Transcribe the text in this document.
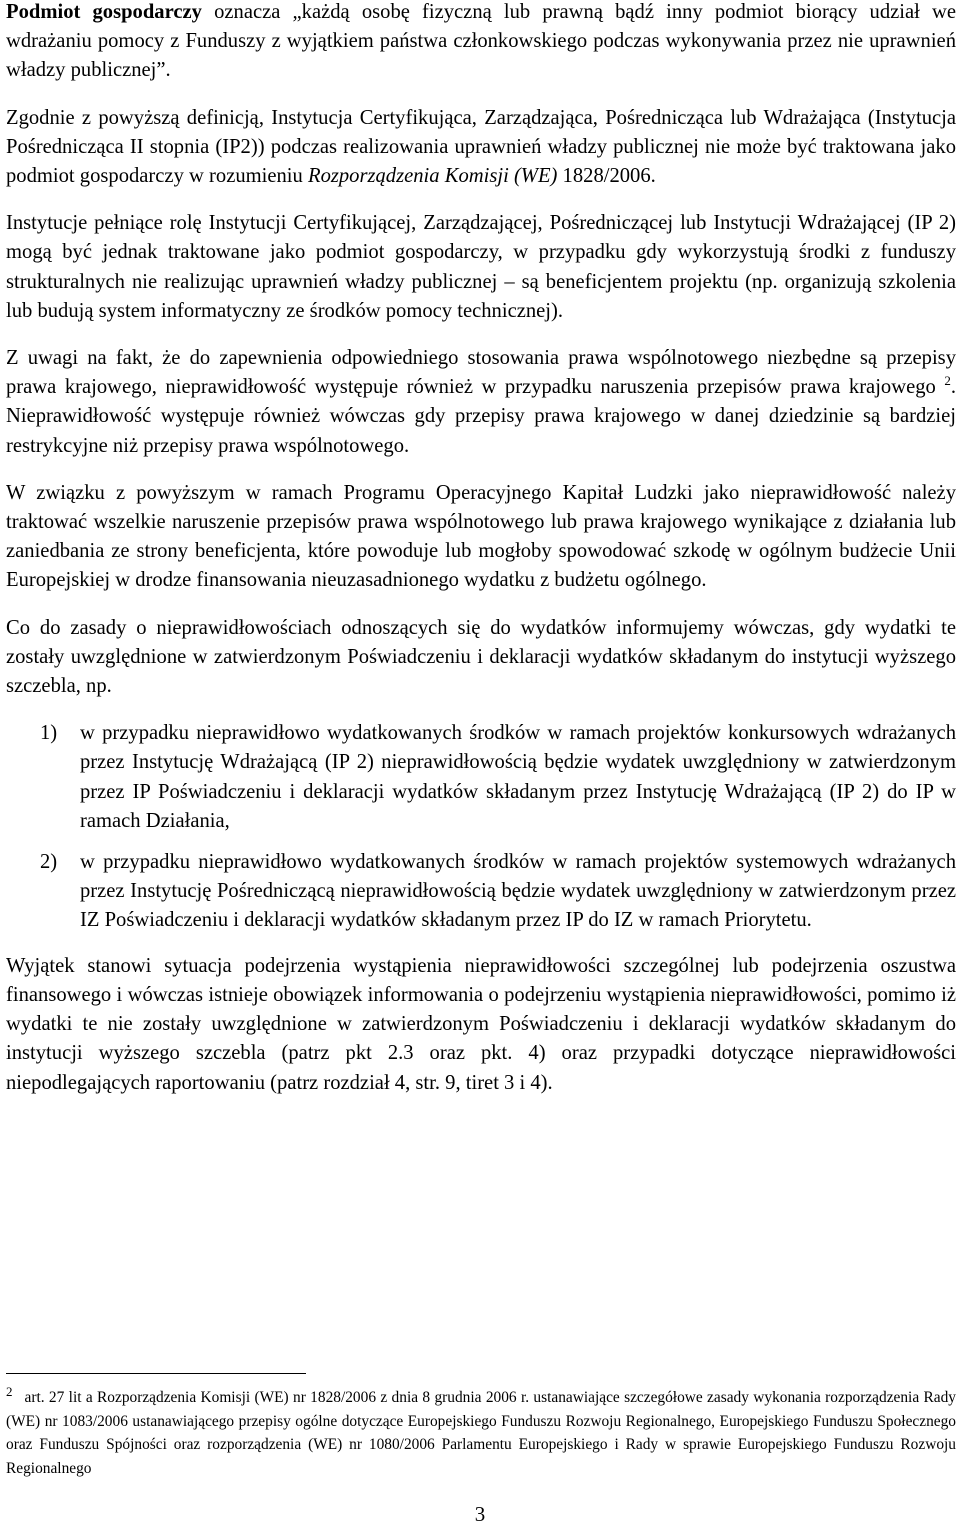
Podmiot gospodarczy oznacza „każdą osobę fizyczną lub prawną bądź inny podmiot biorący udział we wdrażaniu pomocy z Funduszy z wyjątkiem państwa członkowskiego podczas wykonywania przez nie uprawnień władzy publicznej”.

Zgodnie z powyższą definicją, Instytucja Certyfikująca, Zarządzająca, Pośrednicząca lub Wdrażająca (Instytucja Pośrednicząca II stopnia (IP2)) podczas realizowania uprawnień władzy publicznej nie może być traktowana jako podmiot gospodarczy w rozumieniu Rozporządzenia Komisji (WE) 1828/2006.

Instytucje pełniące rolę Instytucji Certyfikującej, Zarządzającej, Pośredniczącej lub Instytucji Wdrażającej (IP 2) mogą być jednak traktowane jako podmiot gospodarczy, w przypadku gdy wykorzystują środki z funduszy strukturalnych nie realizując uprawnień władzy publicznej – są beneficjentem projektu (np. organizują szkolenia lub budują system informatyczny ze środków pomocy technicznej).

Z uwagi na fakt, że do zapewnienia odpowiedniego stosowania prawa wspólnotowego niezbędne są przepisy prawa krajowego, nieprawidłowość występuje również w przypadku naruszenia przepisów prawa krajowego $^2$. Nieprawidłowość występuje również wówczas gdy przepisy prawa krajowego w danej dziedzinie są bardziej restrykcyjne niż przepisy prawa wspólnotowego.

W związku z powyższym w ramach Programu Operacyjnego Kapitał Ludzki jako nieprawidłowość należy traktować wszelkie naruszenie przepisów prawa wspólnotowego lub prawa krajowego wynikające z działania lub zaniedbania ze strony beneficjenta, które powoduje lub mogłoby spowodować szkodę w ogólnym budżecie Unii Europejskiej w drodze finansowania nieuzasadnionego wydatku z budżetu ogólnego.

Co do zasady o nieprawidłowościach odnoszących się do wydatków informujemy wówczas, gdy wydatki te zostały uwzględnione w zatwierdzonym Poświadczeniu i deklaracji wydatków składanym do instytucji wyższego szczebla, np.

1) w przypadku nieprawidłowo wydatkowanych środków w ramach projektów konkursowych wdrażanych przez Instytucję Wdrażającą (IP 2) nieprawidłowością będzie wydatek uwzględniony w zatwierdzonym przez IP Poświadczeniu i deklaracji wydatków składanym przez Instytucję Wdrażającą (IP 2) do IP w ramach Działania,
2) w przypadku nieprawidłowo wydatkowanych środków w ramach projektów systemowych wdrażanych przez Instytucję Pośredniczącą nieprawidłowością będzie wydatek uwzględniony w zatwierdzonym przez IZ Poświadczeniu i deklaracji wydatków składanym przez IP do IZ w ramach Priorytetu.

Wyjątek stanowi sytuacja podejrzenia wystąpienia nieprawidłowości szczególnej lub podejrzenia oszustwa finansowego i wówczas istnieje obowiązek informowania o podejrzeniu wystąpienia nieprawidłowości, pomimo iż wydatki te nie zostały uwzględnione w zatwierdzonym Poświadczeniu i deklaracji wydatków składanym do instytucji wyższego szczebla (patrz pkt 2.3 oraz pkt. 4) oraz przypadki dotyczące nieprawidłowości niepodlegających raportowaniu (patrz rozdział 4, str. 9, tiret 3 i 4).

$^2$ art. 27 lit a Rozporządzenia Komisji (WE) nr 1828/2006 z dnia 8 grudnia 2006 r. ustanawiające szczegółowe zasady wykonania rozporządzenia Rady (WE) nr 1083/2006 ustanawiającego przepisy ogólne dotyczące Europejskiego Funduszu Rozwoju Regionalnego, Europejskiego Funduszu Społecznego oraz Funduszu Spójności oraz rozporządzenia (WE) nr 1080/2006 Parlamentu Europejskiego i Rady w sprawie Europejskiego Funduszu Rozwoju Regionalnego
3
